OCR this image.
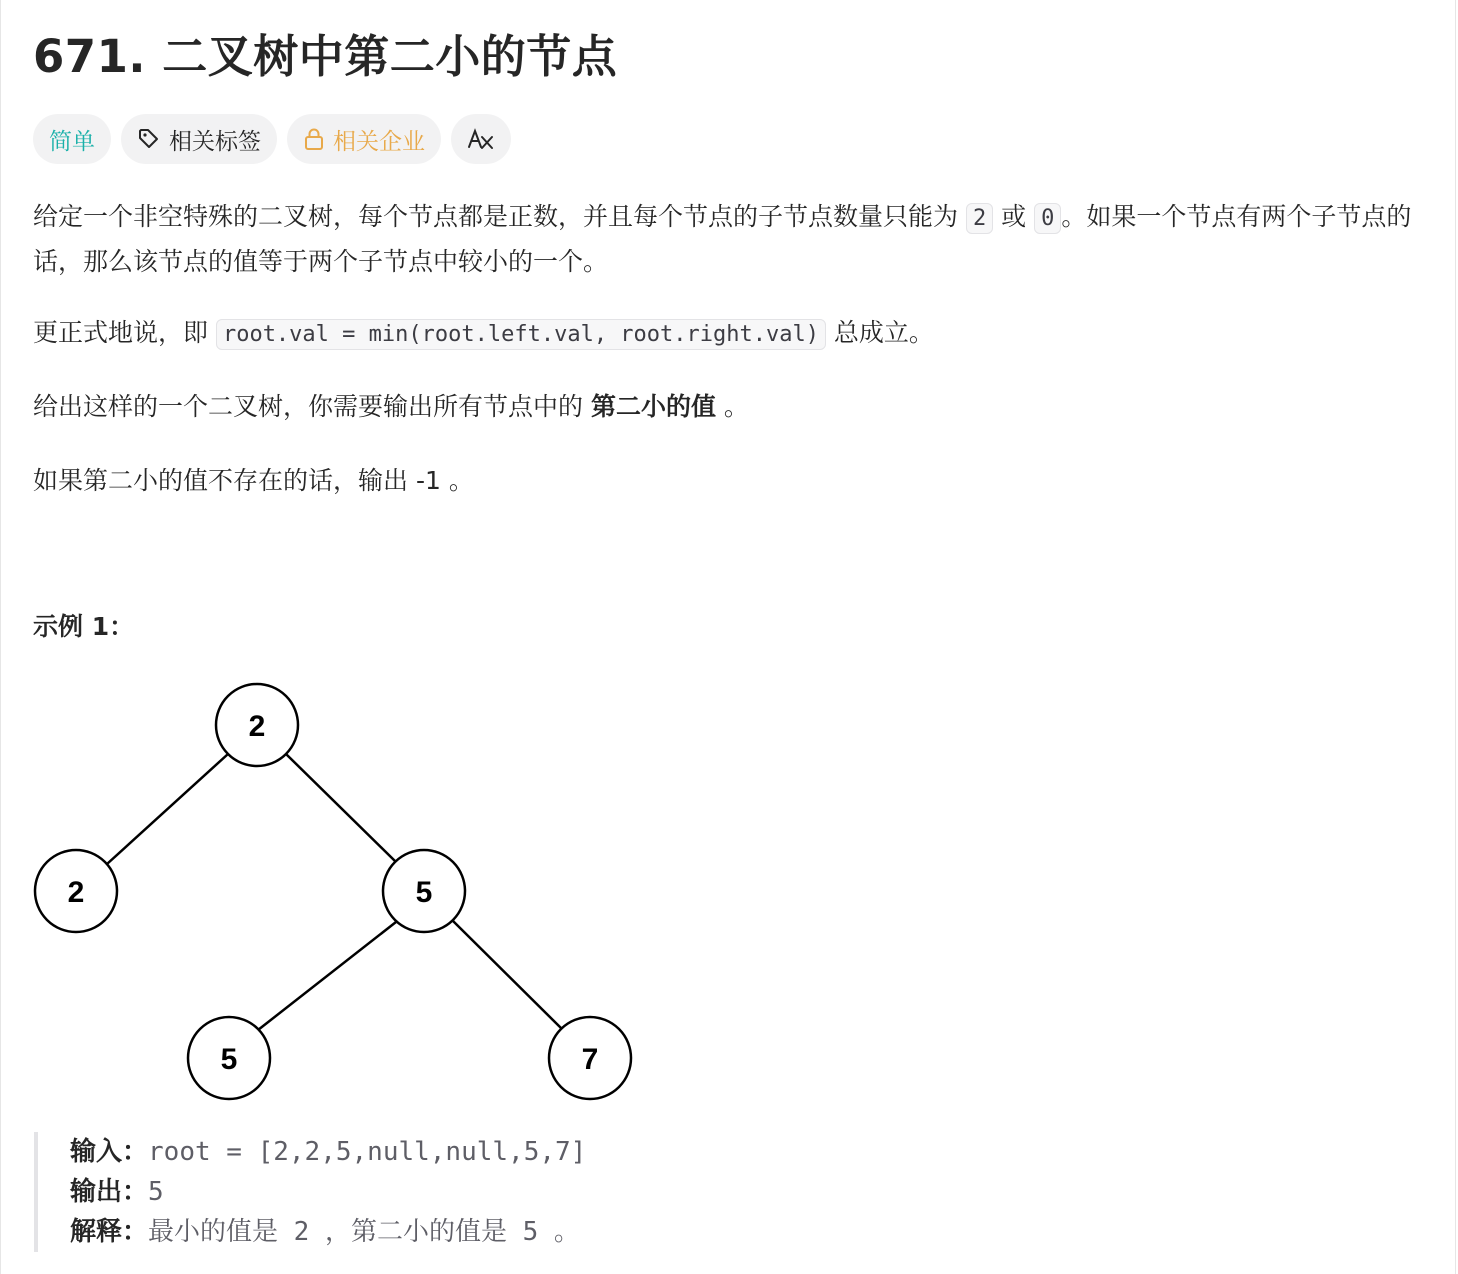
671. 二叉树中第二小的节点
简单	相关标签	相关企业
给定一个非空特殊的二叉树，每个节点都是正数，并且每个节点的子节点数量只能为 2 或 0 。如果一个节点有两个子节点的话，那么该节点的值等于两个子节点中较小的一个。
更正式地说，即 root.val = min(root.left.val, root.right.val) 总成立。
给出这样的一个二叉树，你需要输出所有节点中的 第二小的值 。
如果第二小的值不存在的话，输出 -1 。
示例 1：
2
2	5
5	7
输入：root = [2,2,5,null,null,5,7]
输出：5
解释：最小的值是 2 ，第二小的值是 5 。
